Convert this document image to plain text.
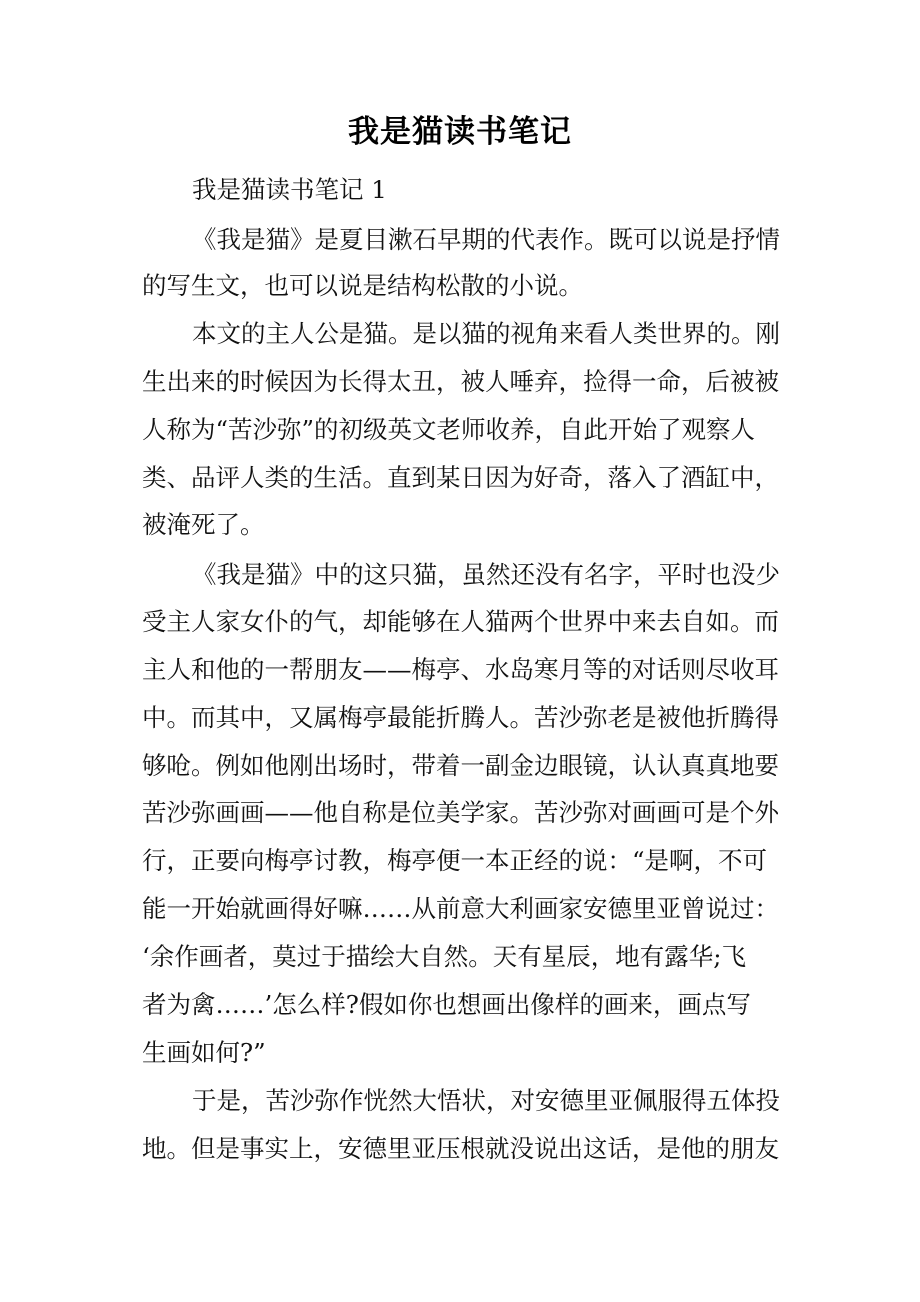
我是猫读书笔记
我是猫读书笔记 1
《我是猫》是夏目漱石早期的代表作。既可以说是抒情
的写生文，也可以说是结构松散的小说。
本文的主人公是猫。是以猫的视角来看人类世界的。刚
生出来的时候因为长得太丑，被人唾弃，捡得一命，后被被
人称为“苦沙弥”的初级英文老师收养，自此开始了观察人
类、品评人类的生活。直到某日因为好奇，落入了酒缸中，
被淹死了。
《我是猫》中的这只猫，虽然还没有名字，平时也没少
受主人家女仆的气，却能够在人猫两个世界中来去自如。而
主人和他的一帮朋友——梅亭、水岛寒月等的对话则尽收耳
中。而其中，又属梅亭最能折腾人。苦沙弥老是被他折腾得
够呛。例如他刚出场时，带着一副金边眼镜，认认真真地要
苦沙弥画画——他自称是位美学家。苦沙弥对画画可是个外
行，正要向梅亭讨教，梅亭便一本正经的说：“是啊，不可
能一开始就画得好嘛……从前意大利画家安德里亚曾说过：
‘余作画者，莫过于描绘大自然。天有星辰，地有露华;飞
者为禽……’怎么样?假如你也想画出像样的画来，画点写
生画如何?”
于是，苦沙弥作恍然大悟状，对安德里亚佩服得五体投
地。但是事实上，安德里亚压根就没说出这话，是他的朋友
